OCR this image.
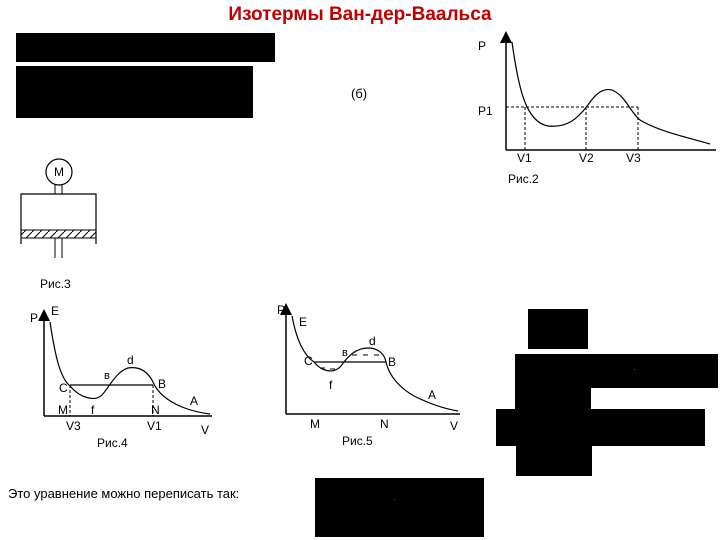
Изотермы Ван-дер-Ваальса
·
·
P
P1
(б)
V1	V2	V3
Рис.2
M
Рис.3
P E
d
C
в
B
M f	N
A
V3	V1	V
Рис.4
P
E
d
C
в
B
f
A
M	N	V
Рис.5
Это уравнение можно переписать так:
